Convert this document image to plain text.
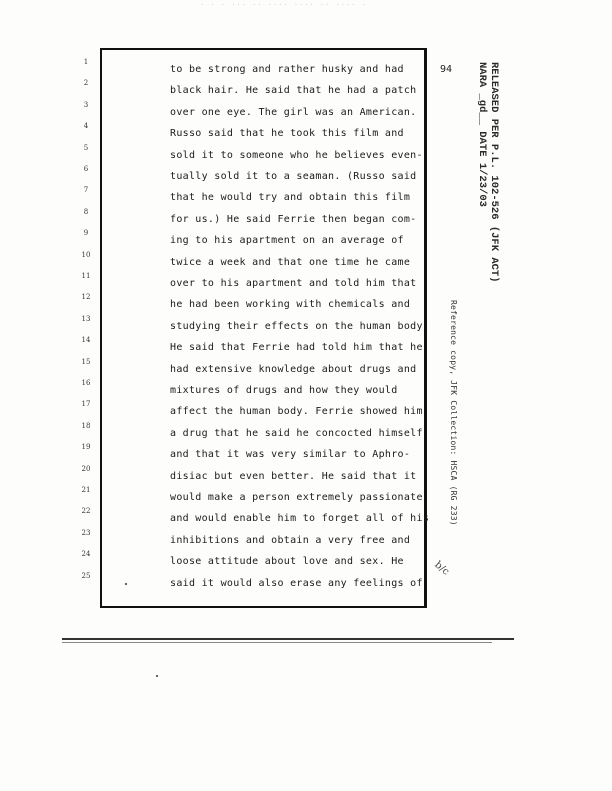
· · · ··· ·· ···· ···· ·· ···· ·
1
2
3
4
5
6
7
8
9
10
11
12
13
14
15
16
17
18
19
20
21
22
23
24
25
to be strong and rather husky and had
black hair. He said that he had a patch
over one eye. The girl was an American.
Russo said that he took this film and
sold it to someone who he believes even-
tually sold it to a seaman. (Russo said
that he would try and obtain this film
for us.) He said Ferrie then began com-
ing to his apartment on an average of
twice a week and that one time he came
over to his apartment and told him that
he had been working with chemicals and
studying their effects on the human body.
He said that Ferrie had told him that he
had extensive knowledge about drugs and
mixtures of drugs and how they would
affect the human body. Ferrie showed him
a drug that he said he concocted himself
and that it was very similar to Aphro-
disiac but even better. He said that it
would make a person extremely passionate
and would enable him to forget all of his
inhibitions and obtain a very free and
loose attitude about love and sex. He
said it would also erase any feelings of
94	RELEASED PER P.L. 102-526 (JFK ACT)
NARA _gd__ DATE 1/23/03
Reference copy, JFK Collection: HSCA (RG 233)
b/c
